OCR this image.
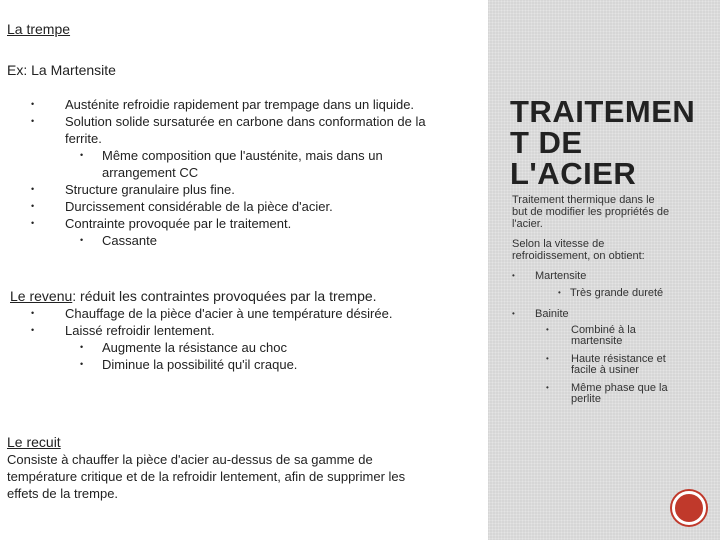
La trempe
Ex: La Martensite
• Austénite refroidie rapidement par trempage dans un liquide.
• Solution solide sursaturée en carbone dans conformation de la
ferrite.
• Même composition que l'austénite, mais dans un
arrangement CC
• Structure granulaire plus fine.
• Durcissement considérable de la pièce d'acier.
• Contrainte provoquée par le traitement.
• Cassante
Le revenu: réduit les contraintes provoquées par la trempe.
• Chauffage de la pièce d'acier à une température désirée.
• Laissé refroidir lentement.
• Augmente la résistance au choc
• Diminue la possibilité qu'il craque.
Le recuit
Consiste à chauffer la pièce d'acier au-dessus de sa gamme de
température critique et de la refroidir lentement, afin de supprimer les
effets de la trempe.
TRAITEMEN
T DE
L'ACIER
Traitement thermique dans le
but de modifier les propriétés de
l'acier.
Selon la vitesse de
refroidissement, on obtient:
• Martensite
• Très grande dureté
• Bainite
• Combiné à la
martensite
• Haute résistance et
facile à usiner
• Même phase que la
perlite
